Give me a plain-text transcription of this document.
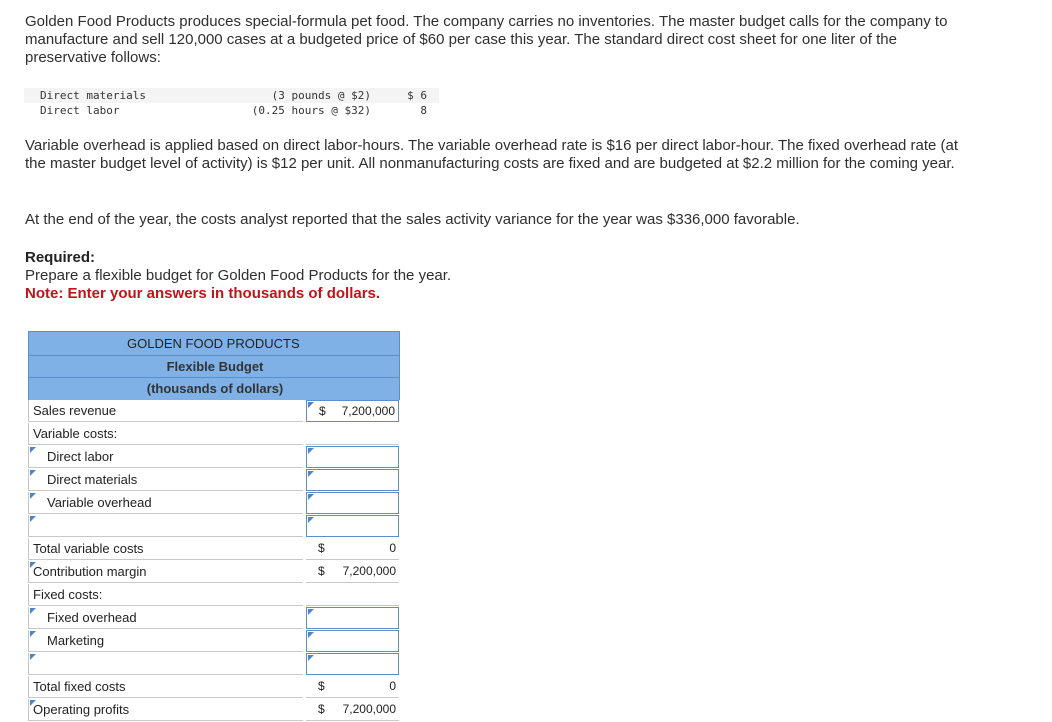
Golden Food Products produces special-formula pet food. The company carries no inventories. The master budget calls for the company to manufacture and sell 120,000 cases at a budgeted price of $60 per case this year. The standard direct cost sheet for one liter of the preservative follows:
Direct materials	(3 pounds @ $2)	$ 6
Direct labor	(0.25 hours @ $32)	8
Variable overhead is applied based on direct labor-hours. The variable overhead rate is $16 per direct labor-hour. The fixed overhead rate (at the master budget level of activity) is $12 per unit. All nonmanufacturing costs are fixed and are budgeted at $2.2 million for the coming year.
At the end of the year, the costs analyst reported that the sales activity variance for the year was $336,000 favorable.
Required:
Prepare a flexible budget for Golden Food Products for the year.
Note: Enter your answers in thousands of dollars.
GOLDEN FOOD PRODUCTS
Flexible Budget
(thousands of dollars)
Sales revenue	$ 7,200,000
Variable costs:
Direct labor
Direct materials
Variable overhead
Total variable costs	$	0
Contribution margin	$ 7,200,000
Fixed costs:
Fixed overhead
Marketing
Total fixed costs	$	0
Operating profits	$ 7,200,000
